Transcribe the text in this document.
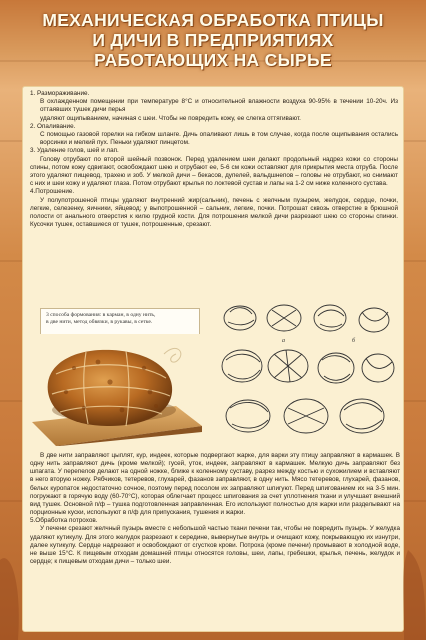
МЕХАНИЧЕСКАЯ ОБРАБОТКА ПТИЦЫ
И ДИЧИ В ПРЕДПРИЯТИЯХ
РАБОТАЮЩИХ НА СЫРЬЕ

1. Размораживание.

В охлажденном помещении при температуре 8°С и относительной влажности воздуха 90-95% в течении 10-20ч. Из оттаявших тушек дичи перья

удаляют ощипыванием, начиная с шеи. Чтобы не повредить кожу, ее слегка оттягивают.

2. Опаливание.

С помощью газовой горелки на гибком шланге. Дичь опаливают лишь в том случае, когда после ощипывания остались ворсинки и мелкий пух. Пеньки удаляют пинцетом.

3. Удаление голов, шей и лап.

Голову отрубают по второй шейный позвонок. Перед удалением шеи делают продольный надрез кожи со стороны спины, потом кожу сдвигают, освобождают шею и отрубают ее, 5-6 см кожи оставляют для прикрытия места отруба. После этого удаляют пищевод, трахею и зоб. У мелкой дичи – бекасов, дупелей, вальдшнепов – головы не отрубают, но снимают с них и шеи кожу и удаляют глаза. Потом отрубают крылья по локтевой сустав и лапы на 1-2 см ниже коленного сустава.

4.Потрошение.

У полупотрошеной птицы удаляют внутренний жир(сальник), печень с желчным пузырем, желудок, сердце, почки, легкие, селезенку, яичники, яйцевод; у выпотрошенной – сальник, легкие, почки. Потрошат сквозь отверстие в брюшной полости от анального отверстия к килю грудной кости. Для потрошения мелкой дичи разрезают шею со стороны спинки. Кусочки тушек, оставшиеся от тушек, потрошенные, срезают.

3 способа формования: в карман, в одну нить,
в две нити, метод обвязки, в рукавы, в сетке.
а	б

В две нити заправляют цыплят, кур, индеек, которые подвергают жарке, для варки эту птицу заправляют в кармашек. В одну нить заправляют дичь (кроме мелкой); гусей, уток, индеек, заправляют в кармашек. Мелкую дичь заправляют без шпагата. У перепелов делают на одной ножке, ближе к коленному суставу, разрез между костью и сухожилием и вставляют в него вторую ножку. Рябчиков, тетеревов, глухарей, фазанов заправляют, в одну нить. Мясо тетеревов, глухарей, фазанов, белых куропаток недостаточно сочное, поэтому перед посолом их заправляют шпигуют. Перед шпигованием их на 3-5 мин. погружают в горячую воду (60-70°С), которая облегчает процесс шпигования за счет уплотнения ткани и улучшает внешний вид тушек. Основной п/ф – тушка подготовленная заправленная. Его используют полностью для жарки или разделывают на порционные куски, используют в п/ф для припускания, тушения и жарки.

5.Обработка потрохов.

У печени срезают желчный пузырь вместе с небольшой частью ткани печени так, чтобы не повредить пузырь. У желудка удаляют кутикулу. Для этого желудок разрезают к середине, вывернутые внутрь и очищают кожу, покрывающую их изнутри, далее кутикулу. Сердце надрезают и освобождают от сгустков крови. Потроха (кроме печени) промывают в холодной воде, не выше 15°С. К пищевым отходам домашней птицы относятся головы, шеи, лапы, гребешки, крылья, печень, желудок и сердце; к пищевым отходам дичи – только шеи.
